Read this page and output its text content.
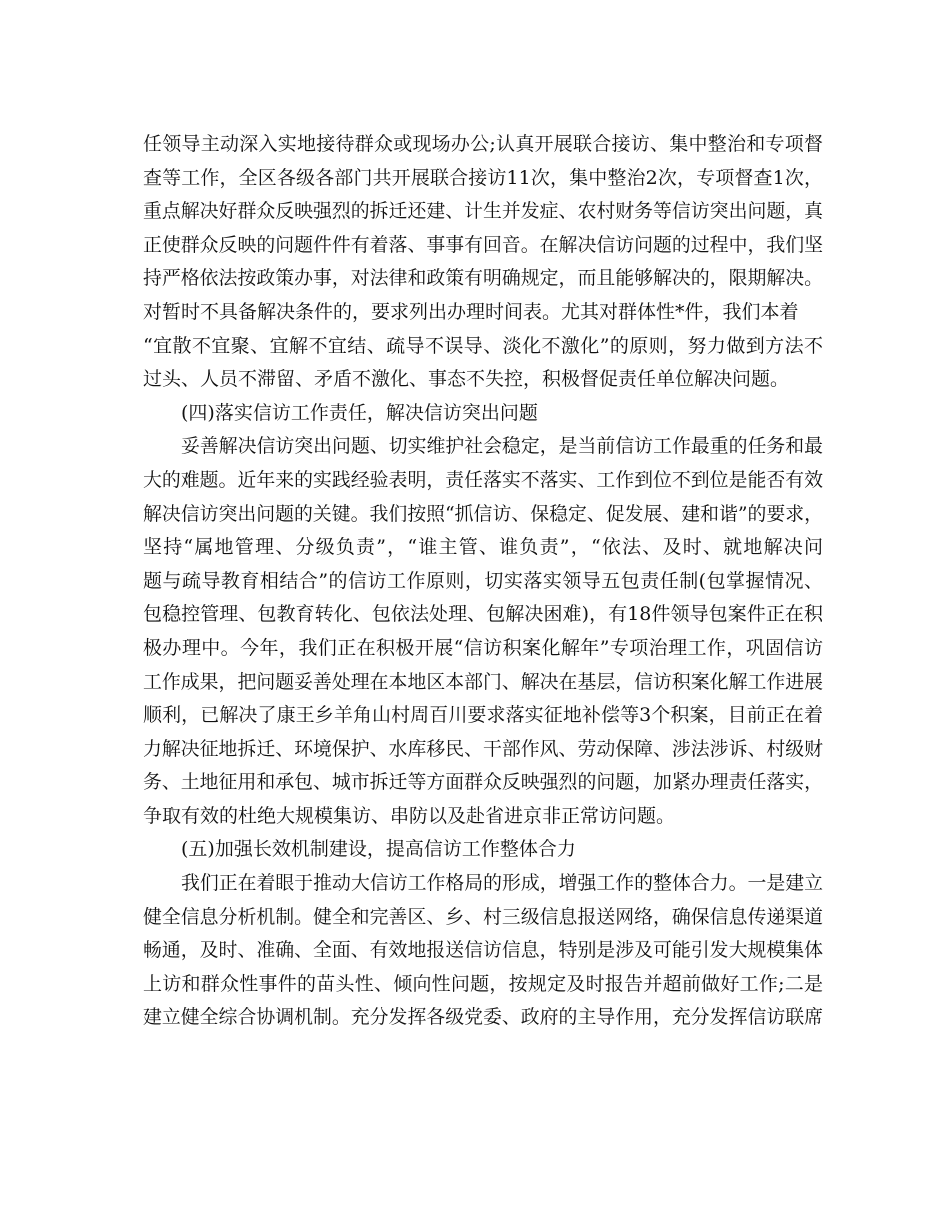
任领导主动深入实地接待群众或现场办公;认真开展联合接访、集中整治和专项督
查等工作，全区各级各部门共开展联合接访11次，集中整治2次，专项督查1次，
重点解决好群众反映强烈的拆迁还建、计生并发症、农村财务等信访突出问题，真
正使群众反映的问题件件有着落、事事有回音。在解决信访问题的过程中，我们坚
持严格依法按政策办事，对法律和政策有明确规定，而且能够解决的，限期解决。
对暂时不具备解决条件的，要求列出办理时间表。尤其对群体性*件，我们本着
“宜散不宜聚、宜解不宜结、疏导不误导、淡化不激化”的原则，努力做到方法不
过头、人员不滞留、矛盾不激化、事态不失控，积极督促责任单位解决问题。
(四)落实信访工作责任，解决信访突出问题
妥善解决信访突出问题、切实维护社会稳定，是当前信访工作最重的任务和最
大的难题。近年来的实践经验表明，责任落实不落实、工作到位不到位是能否有效
解决信访突出问题的关键。我们按照“抓信访、保稳定、促发展、建和谐”的要求，
坚持“属地管理、分级负责”，“谁主管、谁负责”，“依法、及时、就地解决问
题与疏导教育相结合”的信访工作原则，切实落实领导五包责任制(包掌握情况、
包稳控管理、包教育转化、包依法处理、包解决困难)，有18件领导包案件正在积
极办理中。今年，我们正在积极开展“信访积案化解年”专项治理工作，巩固信访
工作成果，把问题妥善处理在本地区本部门、解决在基层，信访积案化解工作进展
顺利，已解决了康王乡羊角山村周百川要求落实征地补偿等3个积案，目前正在着
力解决征地拆迁、环境保护、水库移民、干部作风、劳动保障、涉法涉诉、村级财
务、土地征用和承包、城市拆迁等方面群众反映强烈的问题，加紧办理责任落实，
争取有效的杜绝大规模集访、串防以及赴省进京非正常访问题。
(五)加强长效机制建设，提高信访工作整体合力
我们正在着眼于推动大信访工作格局的形成，增强工作的整体合力。一是建立
健全信息分析机制。健全和完善区、乡、村三级信息报送网络，确保信息传递渠道
畅通，及时、准确、全面、有效地报送信访信息，特别是涉及可能引发大规模集体
上访和群众性事件的苗头性、倾向性问题，按规定及时报告并超前做好工作;二是
建立健全综合协调机制。充分发挥各级党委、政府的主导作用，充分发挥信访联席
